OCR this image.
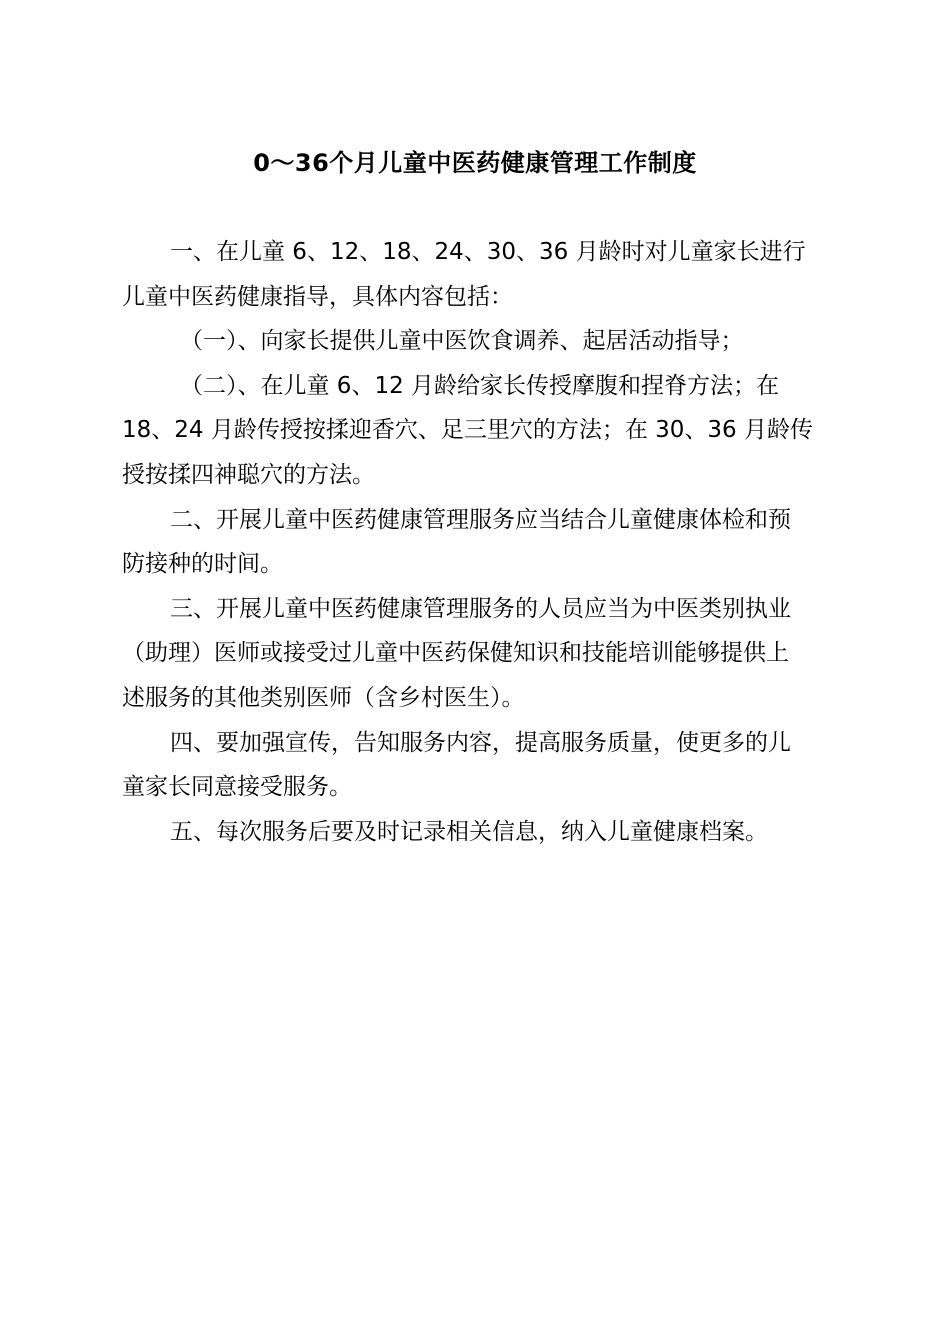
0～36个月儿童中医药健康管理工作制度
一、在儿童 6、12、18、24、30、36 月龄时对儿童家长进行
儿童中医药健康指导，具体内容包括：
（一）、向家长提供儿童中医饮食调养、起居活动指导；
（二）、在儿童 6、12 月龄给家长传授摩腹和捏脊方法；在
18、24 月龄传授按揉迎香穴、足三里穴的方法；在 30、36 月龄传
授按揉四神聪穴的方法。
二、开展儿童中医药健康管理服务应当结合儿童健康体检和预
防接种的时间。
三、开展儿童中医药健康管理服务的人员应当为中医类别执业
（助理）医师或接受过儿童中医药保健知识和技能培训能够提供上
述服务的其他类别医师（含乡村医生）。
四、要加强宣传，告知服务内容，提高服务质量，使更多的儿
童家长同意接受服务。
五、每次服务后要及时记录相关信息，纳入儿童健康档案。
